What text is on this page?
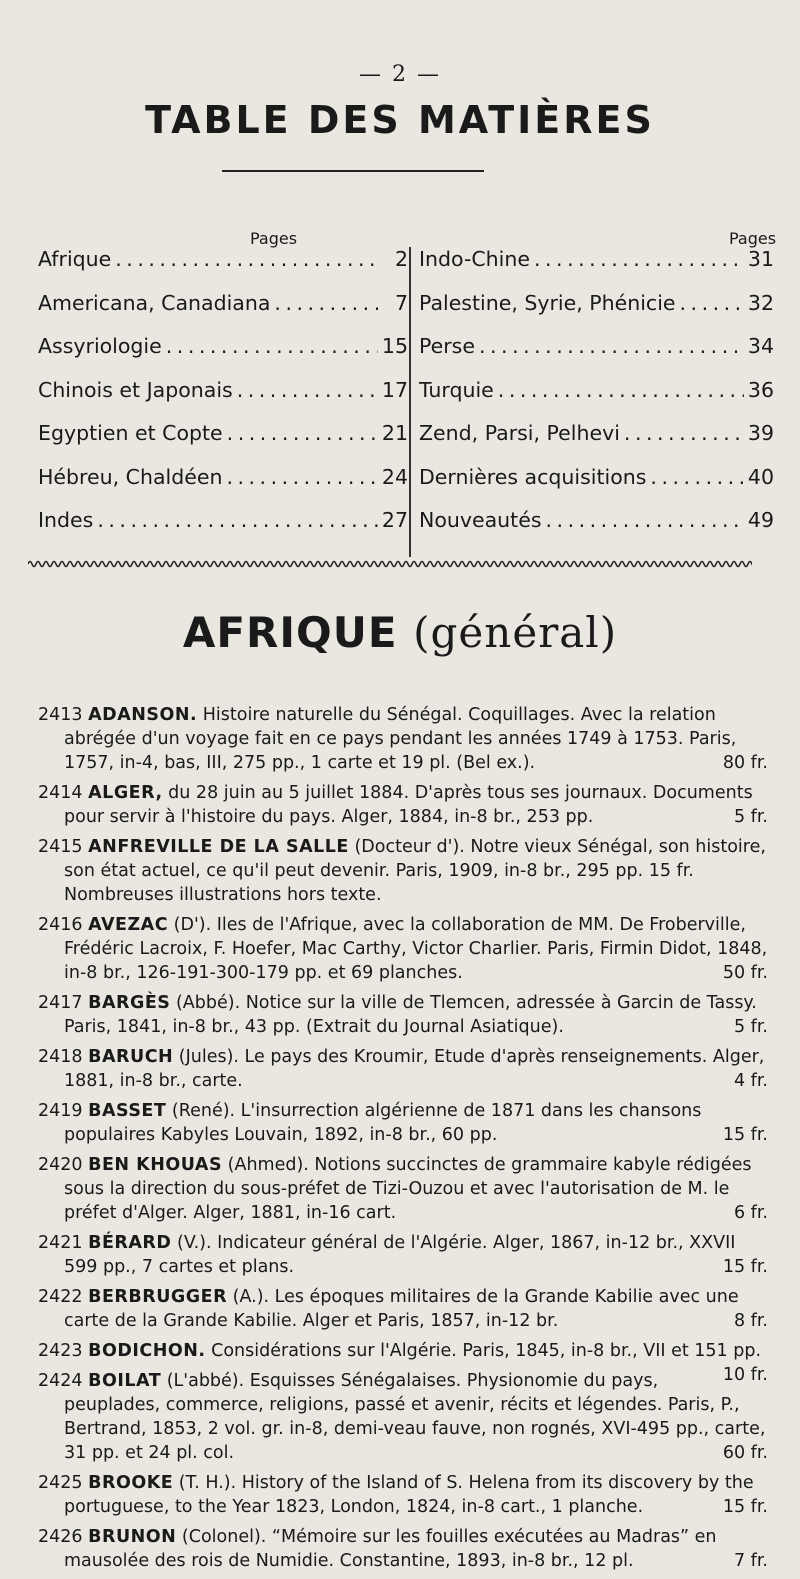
— 2 —
TABLE DES MATIÈRES
Pages
Afrique . . .	2
Americana, Canadiana . . .	7
Assyriologie . . .	15
Chinois et Japonais . . .	17
Egyptien et Copte . . .	21
Hébreu, Chaldéen . . .	24
Indes . . .	27
Pages
Indo-Chine . . .	31
Palestine, Syrie, Phénicie . . .	32
Perse . . .	34
Turquie . . .	36
Zend, Parsi, Pelhevi . . .	39
Dernières acquisitions . . .	40
Nouveautés . . .	49
AFRIQUE (général)

2413 ADANSON. Histoire naturelle du Sénégal. Coquillages. Avec la relation abrégée d'un voyage fait en ce pays pendant les années 1749 à 1753. Paris, 1757, in-4, bas, III, 275 pp., 1 carte et 19 pl. (Bel ex.).	80 fr.

2414 ALGER, du 28 juin au 5 juillet 1884. D'après tous ses journaux. Documents pour servir à l'histoire du pays. Alger, 1884, in-8 br., 253 pp.	5 fr.

2415 ANFREVILLE DE LA SALLE (Docteur d'). Notre vieux Sénégal, son histoire, son état actuel, ce qu'il peut devenir. Paris, 1909, in-8 br., 295 pp. 15 fr. Nombreuses illustrations hors texte.

2416 AVEZAC (D'). Iles de l'Afrique, avec la collaboration de MM. De Froberville, Frédéric Lacroix, F. Hoefer, Mac Carthy, Victor Charlier. Paris, Firmin Didot, 1848, in-8 br., 126-191-300-179 pp. et 69 planches.	50 fr.

2417 BARGÈS (Abbé). Notice sur la ville de Tlemcen, adressée à Garcin de Tassy. Paris, 1841, in-8 br., 43 pp. (Extrait du Journal Asiatique).	5 fr.

2418 BARUCH (Jules). Le pays des Kroumir, Etude d'après renseignements. Alger, 1881, in-8 br., carte.	4 fr.

2419 BASSET (René). L'insurrection algérienne de 1871 dans les chansons populaires Kabyles Louvain, 1892, in-8 br., 60 pp.	15 fr.

2420 BEN KHOUAS (Ahmed). Notions succinctes de grammaire kabyle rédigées sous la direction du sous-préfet de Tizi-Ouzou et avec l'autorisation de M. le préfet d'Alger. Alger, 1881, in-16 cart.	6 fr.

2421 BÉRARD (V.). Indicateur général de l'Algérie. Alger, 1867, in-12 br., XXVII 599 pp., 7 cartes et plans.	15 fr.

2422 BERBRUGGER (A.). Les époques militaires de la Grande Kabilie avec une carte de la Grande Kabilie. Alger et Paris, 1857, in-12 br.	8 fr.

2423 BODICHON. Considérations sur l'Algérie. Paris, 1845, in-8 br., VII et 151 pp.
10 fr.

2424 BOILAT (L'abbé). Esquisses Sénégalaises. Physionomie du pays, peuplades, commerce, religions, passé et avenir, récits et légendes. Paris, P., Bertrand, 1853, 2 vol. gr. in-8, demi-veau fauve, non rognés, XVI-495 pp., carte, 31 pp. et 24 pl. col.	60 fr.

2425 BROOKE (T. H.). History of the Island of S. Helena from its discovery by the portuguese, to the Year 1823, London, 1824, in-8 cart., 1 planche.	15 fr.

2426 BRUNON (Colonel). “Mémoire sur les fouilles exécutées au Madras” en mausolée des rois de Numidie. Constantine, 1893, in-8 br., 12 pl.	7 fr.
